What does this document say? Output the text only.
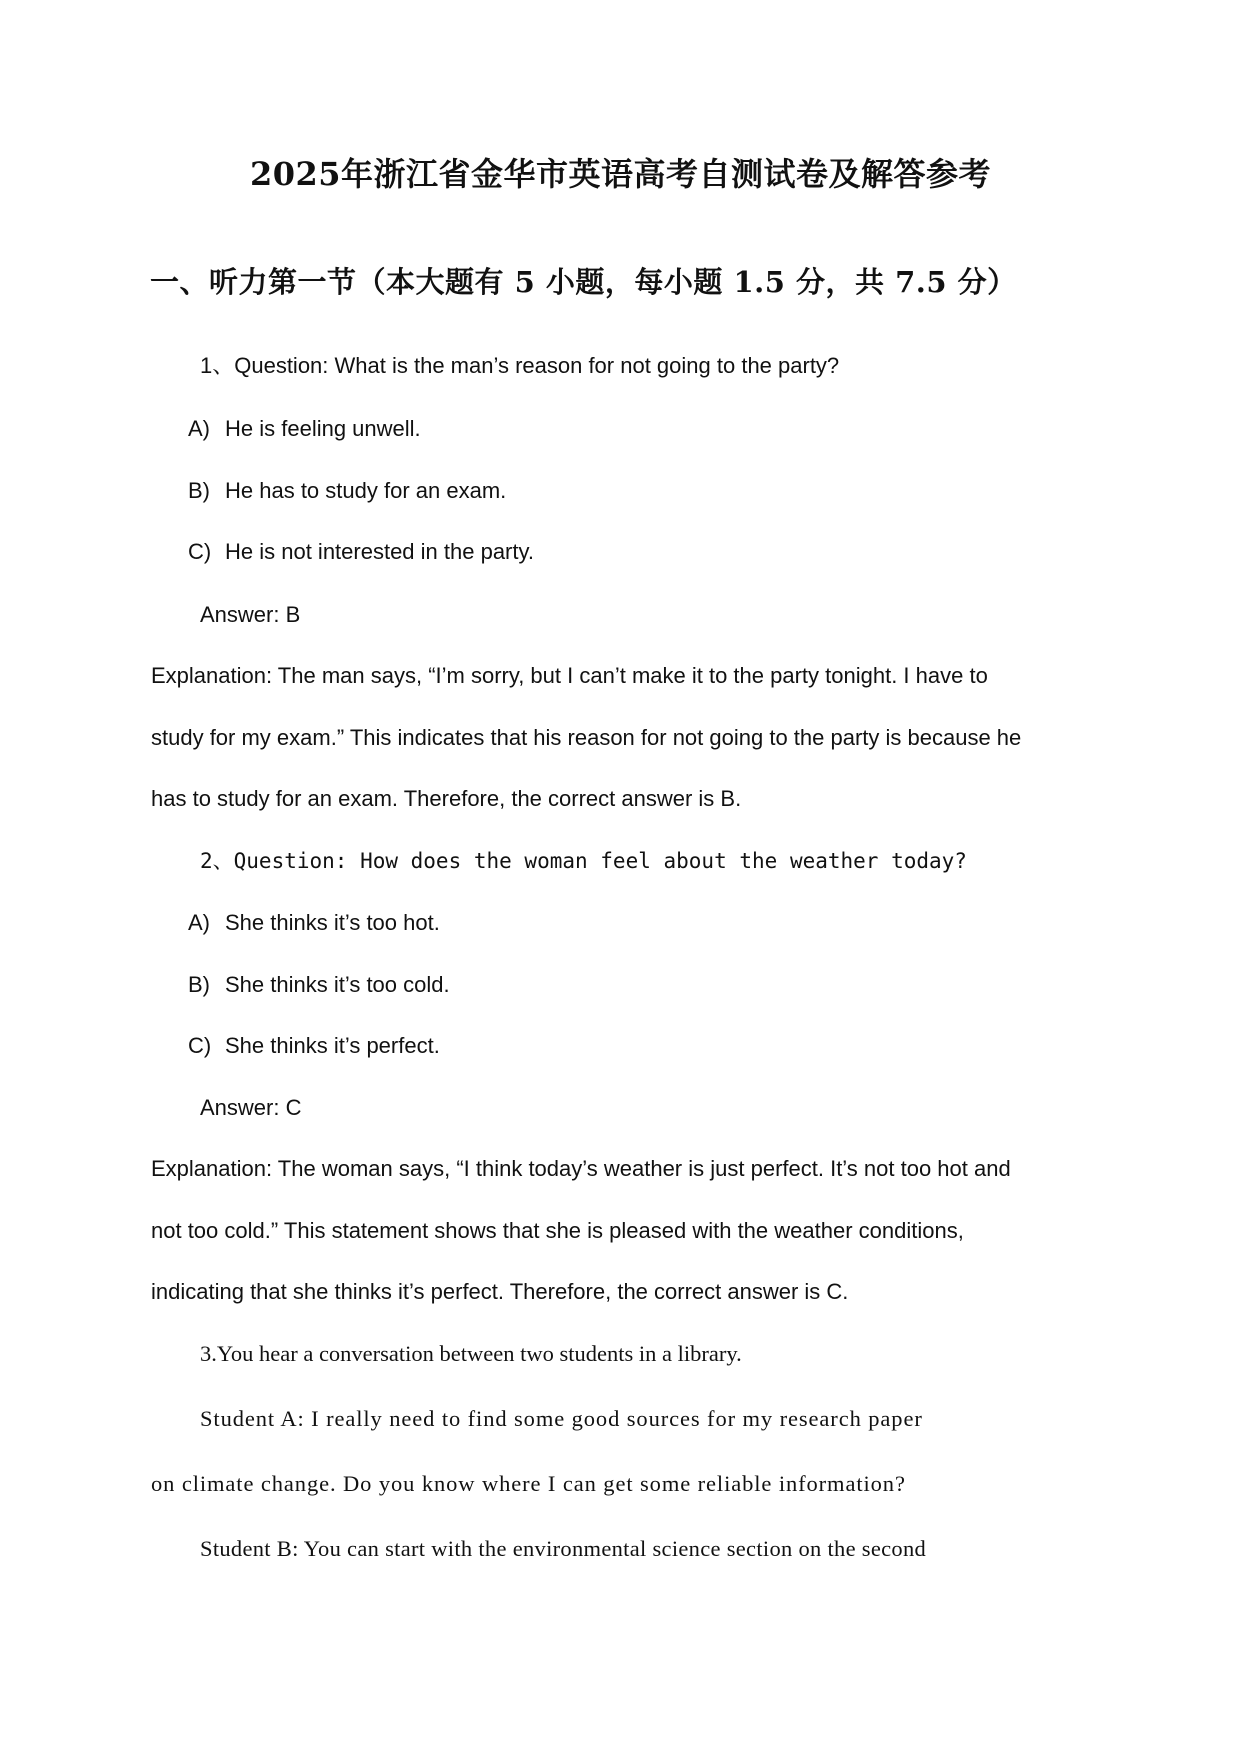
2025年浙江省金华市英语高考自测试卷及解答参考
一、听力第一节（本大题有 5 小题，每小题 1.5 分，共 7.5 分）
1、Question: What is the man’s reason for not going to the party?
A) He is feeling unwell.
B) He has to study for an exam.
C) He is not interested in the party.
Answer: B
Explanation: The man says, “I’m sorry, but I can’t make it to the party tonight. I have to
study for my exam.” This indicates that his reason for not going to the party is because he
has to study for an exam. Therefore, the correct answer is B.
2、Question: How does the woman feel about the weather today?
A) She thinks it’s too hot.
B) She thinks it’s too cold.
C) She thinks it’s perfect.
Answer: C
Explanation: The woman says, “I think today’s weather is just perfect. It’s not too hot and
not too cold.” This statement shows that she is pleased with the weather conditions,
indicating that she thinks it’s perfect. Therefore, the correct answer is C.
3.You hear a conversation between two students in a library.
Student A: I really need to find some good sources for my research paper
on climate change. Do you know where I can get some reliable information?
Student B: You can start with the environmental science section on the second
